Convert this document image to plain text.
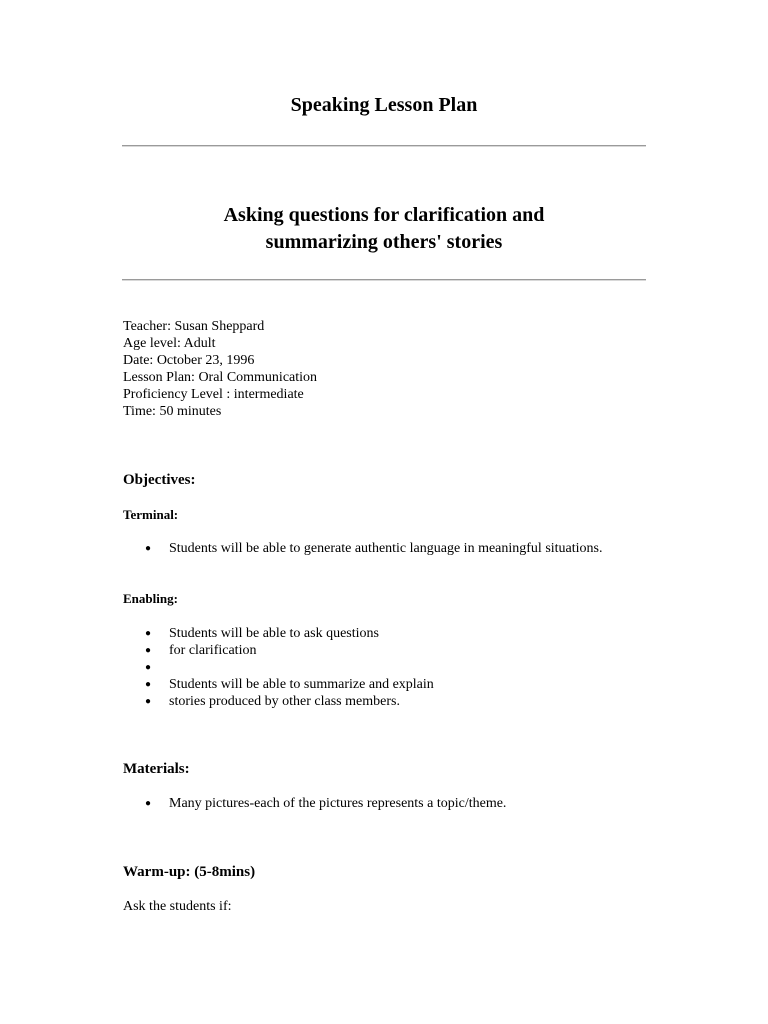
Speaking Lesson Plan
Asking questions for clarification and
summarizing others' stories
Teacher: Susan Sheppard
Age level: Adult
Date: October 23, 1996
Lesson Plan: Oral Communication
Proficiency Level : intermediate
Time: 50 minutes
Objectives:
Terminal:
● Students will be able to generate authentic language in meaningful situations.
Enabling:
● Students will be able to ask questions
● for clarification
●
● Students will be able to summarize and explain
● stories produced by other class members.
Materials:
● Many pictures-each of the pictures represents a topic/theme.
Warm-up: (5-8mins)

Ask the students if:
